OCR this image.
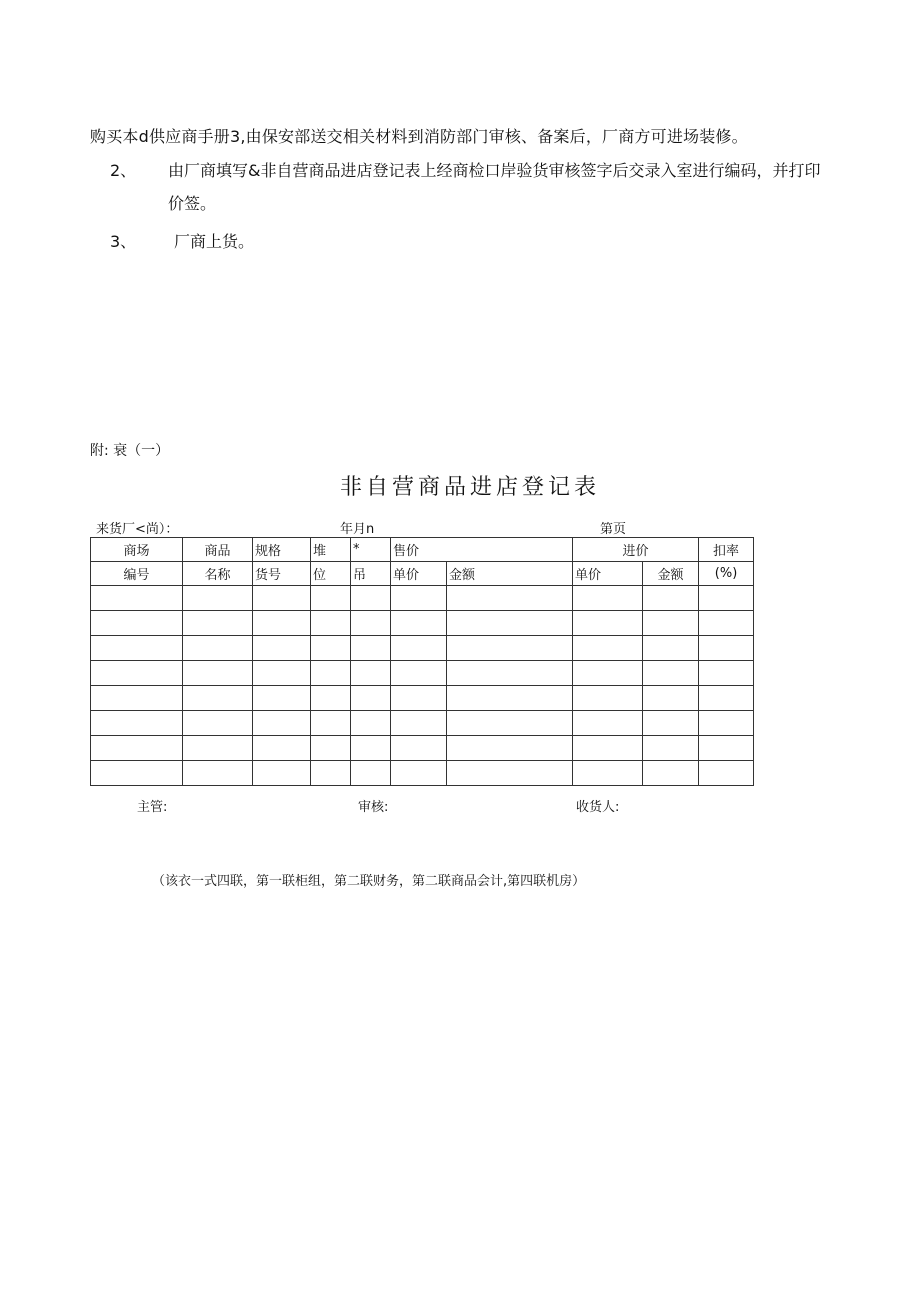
购买本d供应商手册3,由保安部送交相关材料到消防部门审核、备案后，厂商方可进场装修。
2、 由厂商填写&非自营商品进店登记表上经商检口岸验货审核签字后交录入室进行编码，并打印
价签。
3、 厂商上货。
附: 衰（一）
非自营商品进店登记表
来货厂<尚）：	年月n	第页
商场	商品	规格	堆	*	售价		进价		扣率	
编号	名称	货号	位	吊	单价	金额	单价	金额	(%)	

主管:	审核:	收货人:
（该衣一式四联，第一联柜组，第二联财务，第二联商品会计,第四联机房）
